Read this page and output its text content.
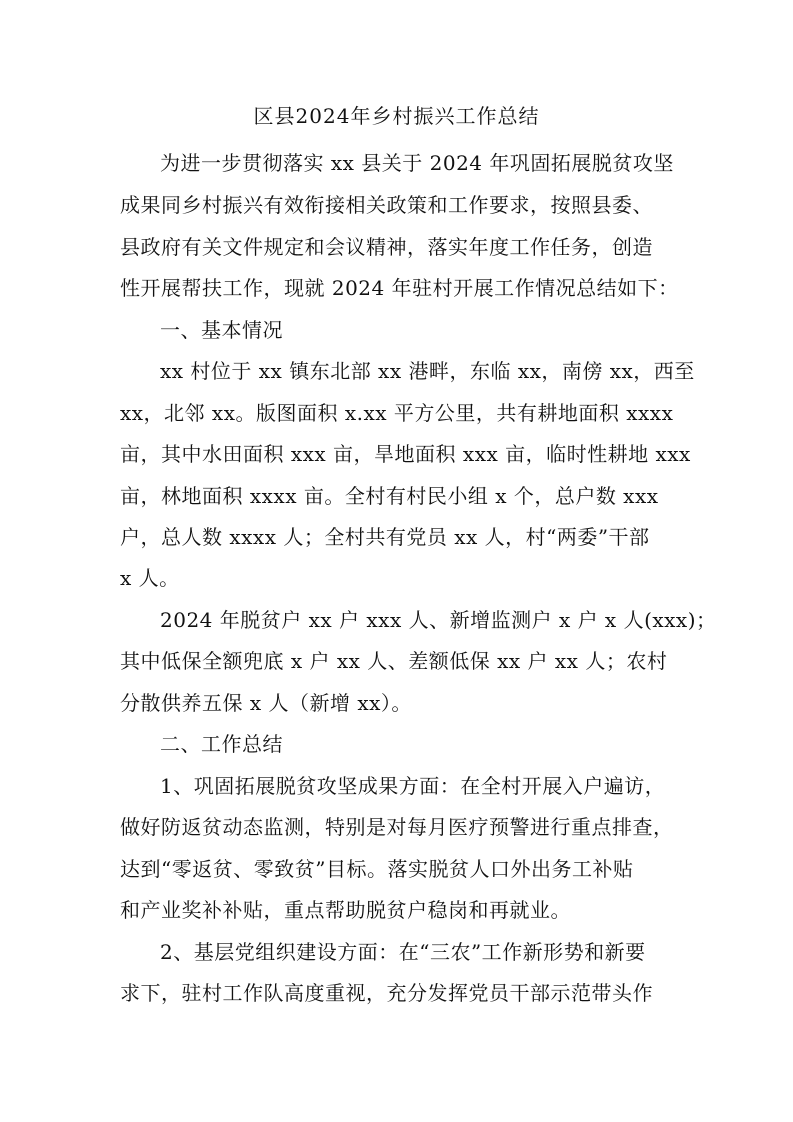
区县2024年乡村振兴工作总结
为进一步贯彻落实 xx 县关于 2024 年巩固拓展脱贫攻坚
成果同乡村振兴有效衔接相关政策和工作要求，按照县委、
县政府有关文件规定和会议精神，落实年度工作任务，创造
性开展帮扶工作，现就 2024 年驻村开展工作情况总结如下：
一、基本情况
xx 村位于 xx 镇东北部 xx 港畔，东临 xx，南傍 xx，西至
xx，北邻 xx。版图面积 x.xx 平方公里，共有耕地面积 xxxx
亩，其中水田面积 xxx 亩，旱地面积 xxx 亩，临时性耕地 xxx
亩，林地面积 xxxx 亩。全村有村民小组 x 个，总户数 xxx
户，总人数 xxxx 人；全村共有党员 xx 人，村“两委”干部
x 人。
2024 年脱贫户 xx 户 xxx 人、新增监测户 x 户 x 人(xxx)；
其中低保全额兜底 x 户 xx 人、差额低保 xx 户 xx 人；农村
分散供养五保 x 人（新增 xx）。
二、工作总结
1、巩固拓展脱贫攻坚成果方面：在全村开展入户遍访，
做好防返贫动态监测，特别是对每月医疗预警进行重点排查，
达到“零返贫、零致贫”目标。落实脱贫人口外出务工补贴
和产业奖补补贴，重点帮助脱贫户稳岗和再就业。
2、基层党组织建设方面：在“三农”工作新形势和新要
求下，驻村工作队高度重视，充分发挥党员干部示范带头作
